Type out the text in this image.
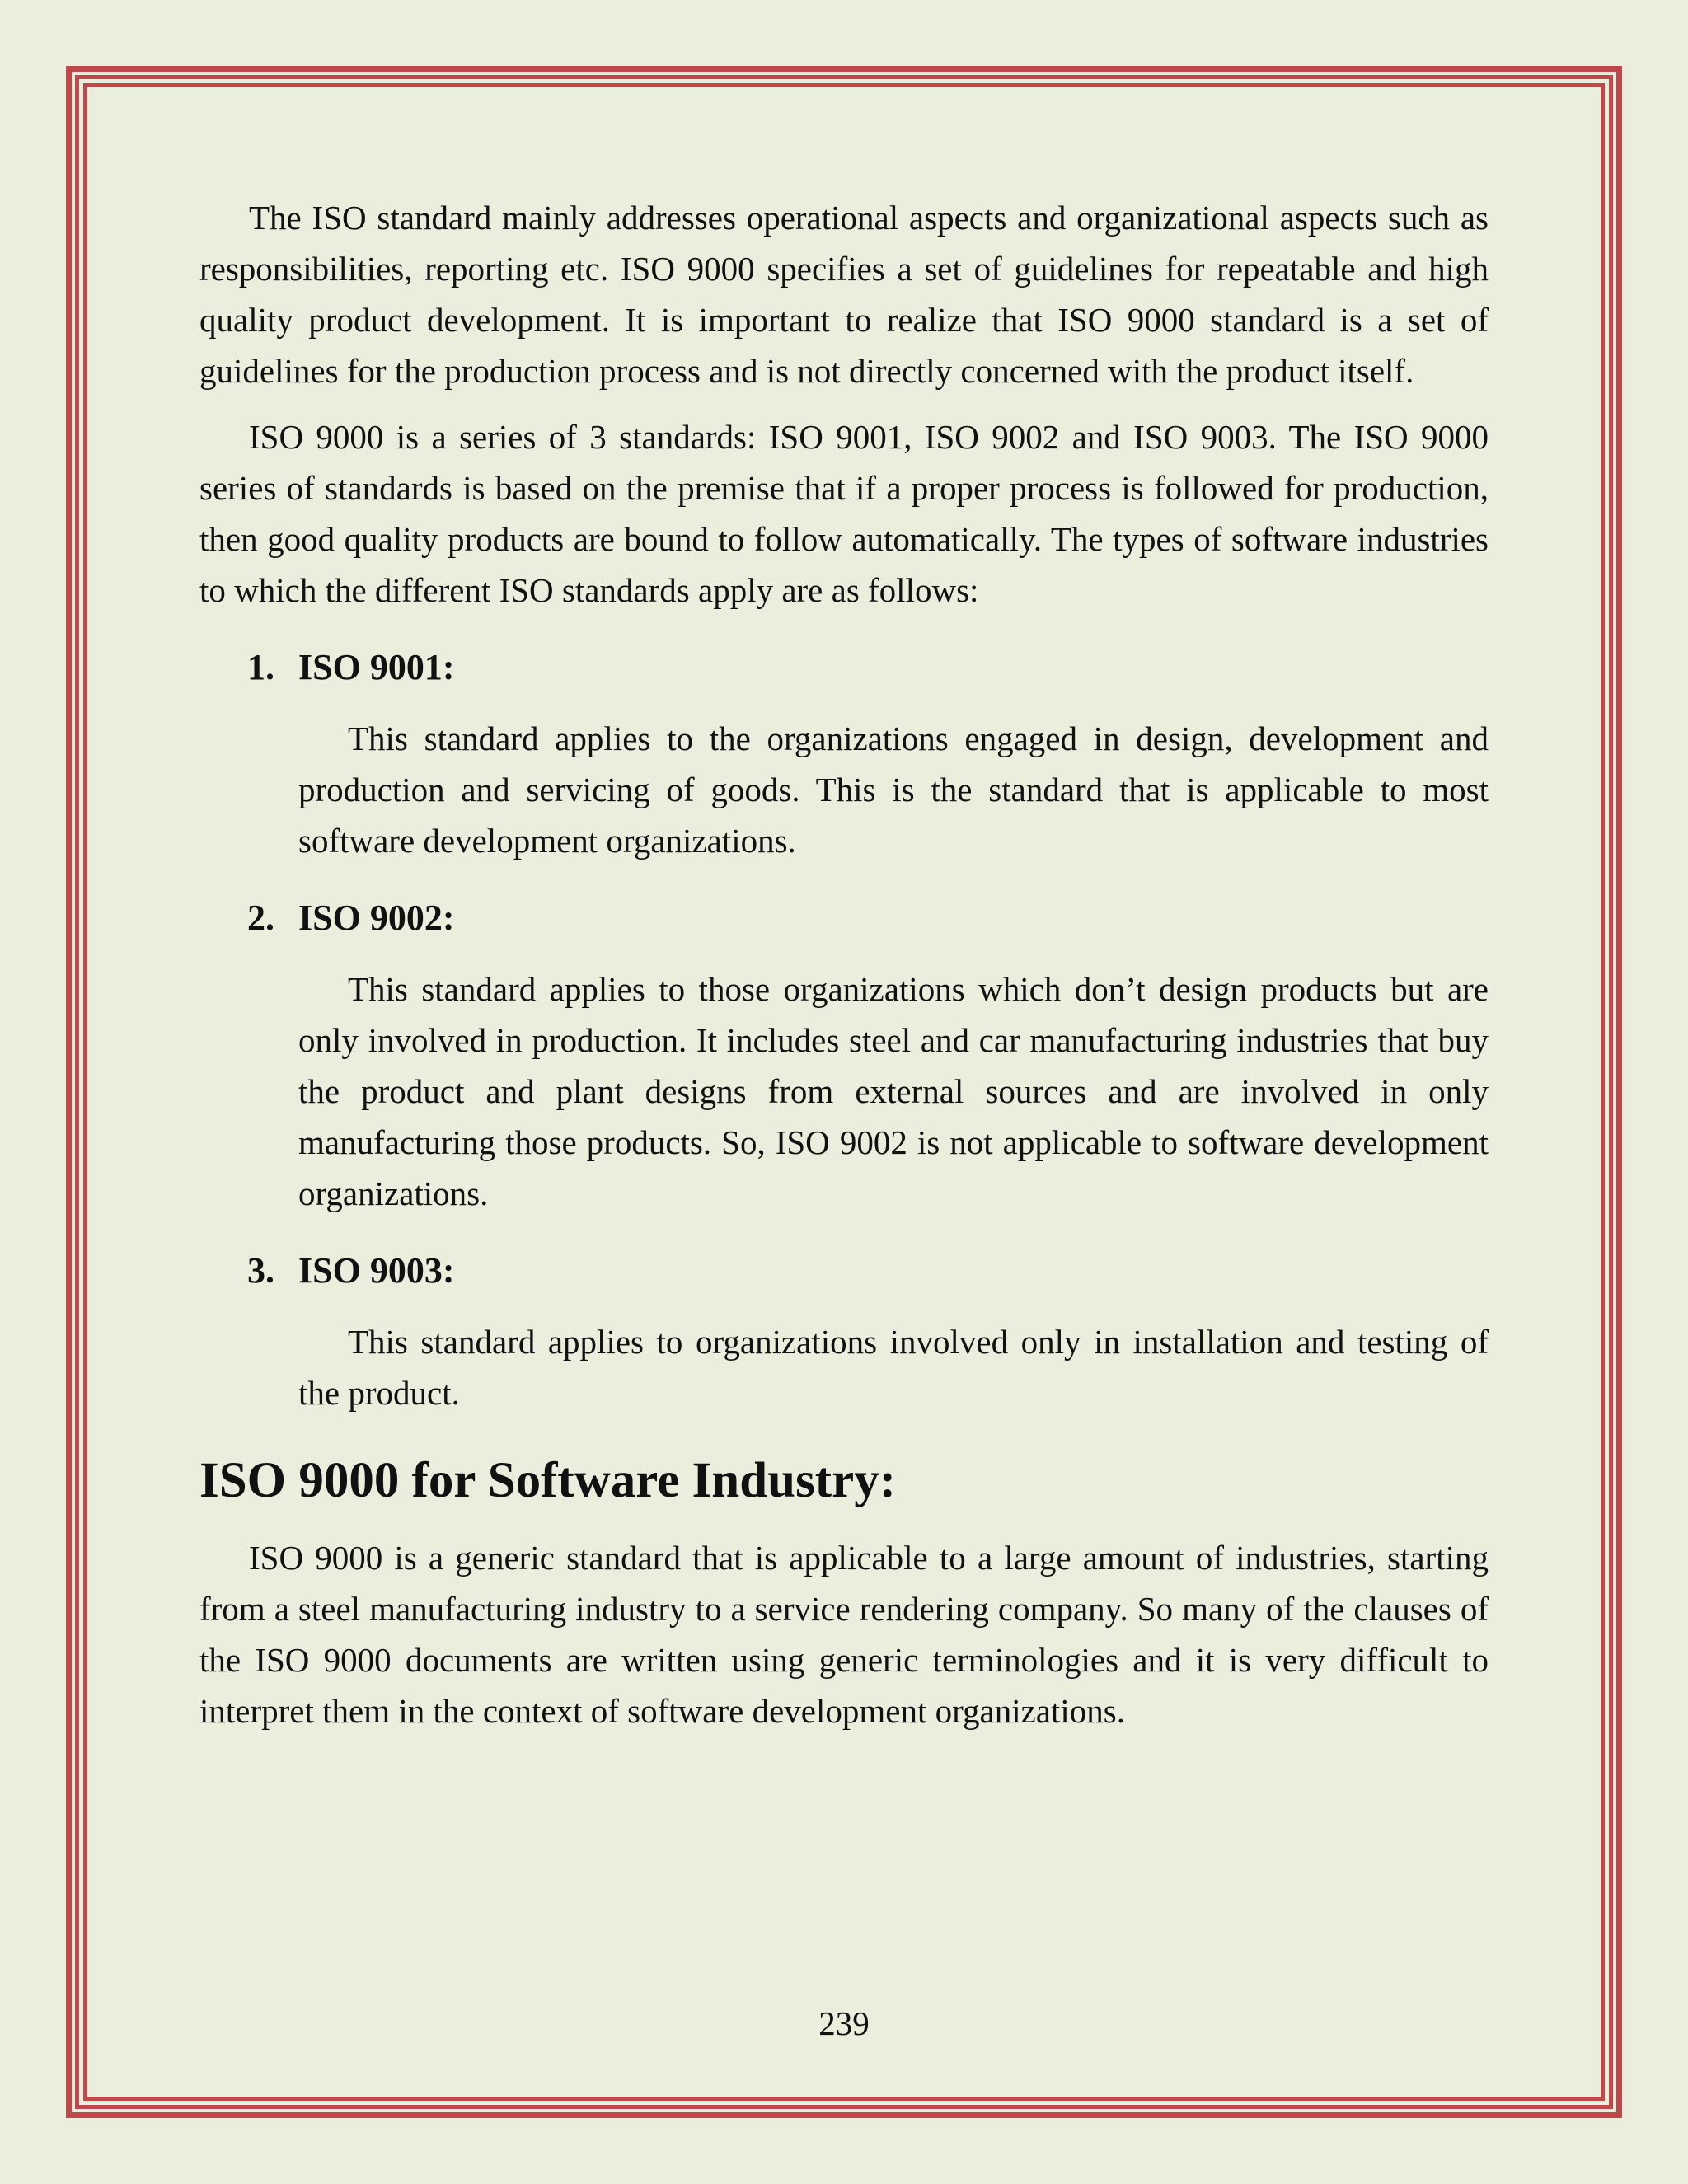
The ISO standard mainly addresses operational aspects and organizational aspects such as responsibilities, reporting etc. ISO 9000 specifies a set of guidelines for repeatable and high quality product development. It is important to realize that ISO 9000 standard is a set of guidelines for the production process and is not directly concerned with the product itself.

ISO 9000 is a series of 3 standards: ISO 9001, ISO 9002 and ISO 9003. The ISO 9000 series of standards is based on the premise that if a proper process is followed for production, then good quality products are bound to follow automatically. The types of software industries to which the different ISO standards apply are as follows:

1. ISO 9001:

This standard applies to the organizations engaged in design, development and production and servicing of goods. This is the standard that is applicable to most software development organizations.

2. ISO 9002:

This standard applies to those organizations which don’t design products but are only involved in production. It includes steel and car manufacturing industries that buy the product and plant designs from external sources and are involved in only manufacturing those products. So, ISO 9002 is not applicable to software development organizations.

3. ISO 9003:

This standard applies to organizations involved only in installation and testing of the product.

ISO 9000 for Software Industry:

ISO 9000 is a generic standard that is applicable to a large amount of industries, starting from a steel manufacturing industry to a service rendering company. So many of the clauses of the ISO 9000 documents are written using generic terminologies and it is very difficult to interpret them in the context of software development organizations.

239
